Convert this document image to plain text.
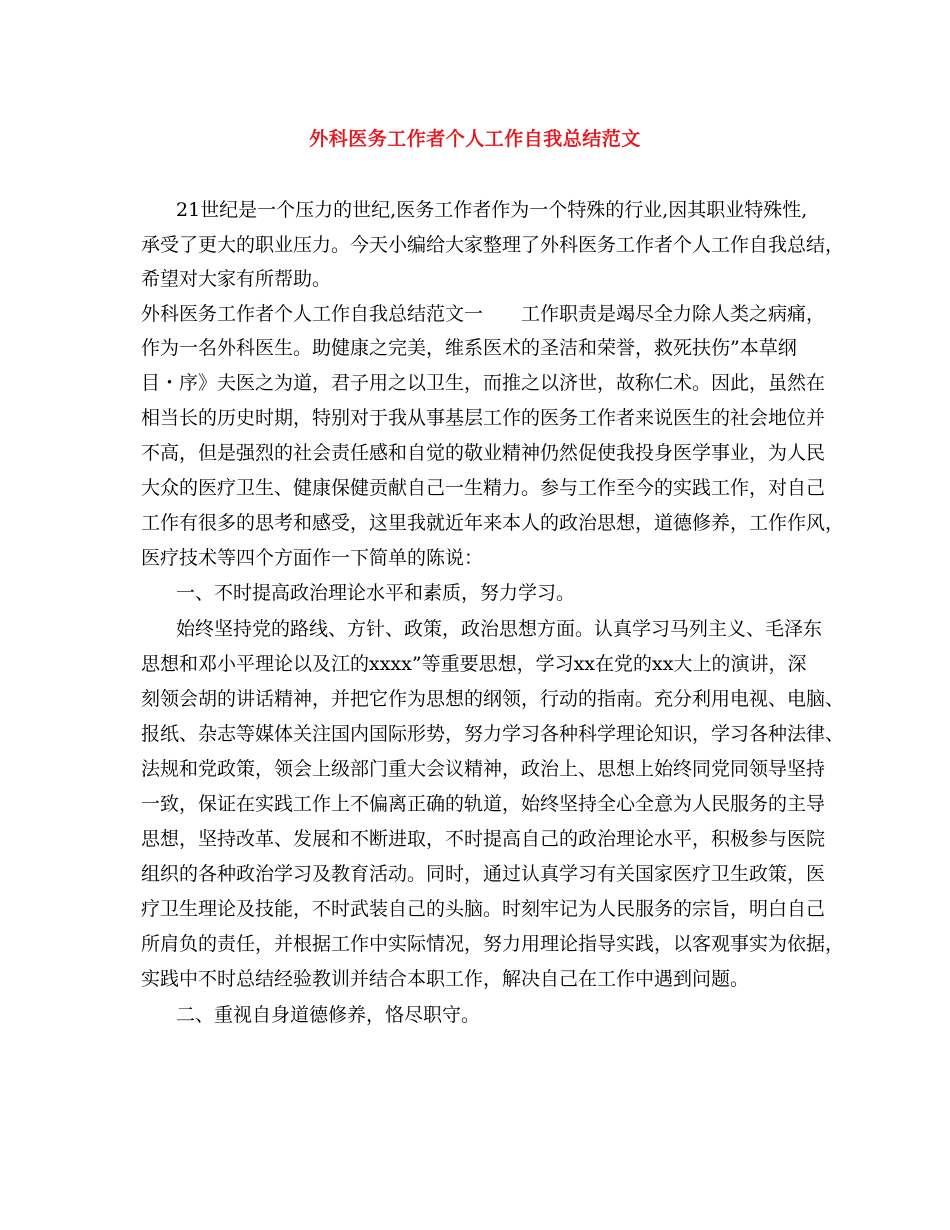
外科医务工作者个人工作自我总结范文
21世纪是一个压力的世纪,医务工作者作为一个特殊的行业,因其职业特殊性,
承受了更大的职业压力。今天小编给大家整理了外科医务工作者个人工作自我总结，
希望对大家有所帮助。
外科医务工作者个人工作自我总结范文一　　工作职责是竭尽全力除人类之病痛，
作为一名外科医生。助健康之完美，维系医术的圣洁和荣誉，救死扶伤”本草纲
目・序》夫医之为道，君子用之以卫生，而推之以济世，故称仁术。因此，虽然在
相当长的历史时期，特别对于我从事基层工作的医务工作者来说医生的社会地位并
不高，但是强烈的社会责任感和自觉的敬业精神仍然促使我投身医学事业，为人民
大众的医疗卫生、健康保健贡献自己一生精力。参与工作至今的实践工作，对自己
工作有很多的思考和感受，这里我就近年来本人的政治思想，道德修养，工作作风，
医疗技术等四个方面作一下简单的陈说：
一、不时提高政治理论水平和素质，努力学习。
始终坚持党的路线、方针、政策，政治思想方面。认真学习马列主义、毛泽东
思想和邓小平理论以及江的xxxx”等重要思想，学习xx在党的xx大上的演讲，深
刻领会胡的讲话精神，并把它作为思想的纲领，行动的指南。充分利用电视、电脑、
报纸、杂志等媒体关注国内国际形势，努力学习各种科学理论知识，学习各种法律、
法规和党政策，领会上级部门重大会议精神，政治上、思想上始终同党同领导坚持
一致，保证在实践工作上不偏离正确的轨道，始终坚持全心全意为人民服务的主导
思想，坚持改革、发展和不断进取，不时提高自己的政治理论水平，积极参与医院
组织的各种政治学习及教育活动。同时，通过认真学习有关国家医疗卫生政策，医
疗卫生理论及技能，不时武装自己的头脑。时刻牢记为人民服务的宗旨，明白自己
所肩负的责任，并根据工作中实际情况，努力用理论指导实践，以客观事实为依据，
实践中不时总结经验教训并结合本职工作，解决自己在工作中遇到问题。
二、重视自身道德修养，恪尽职守。
